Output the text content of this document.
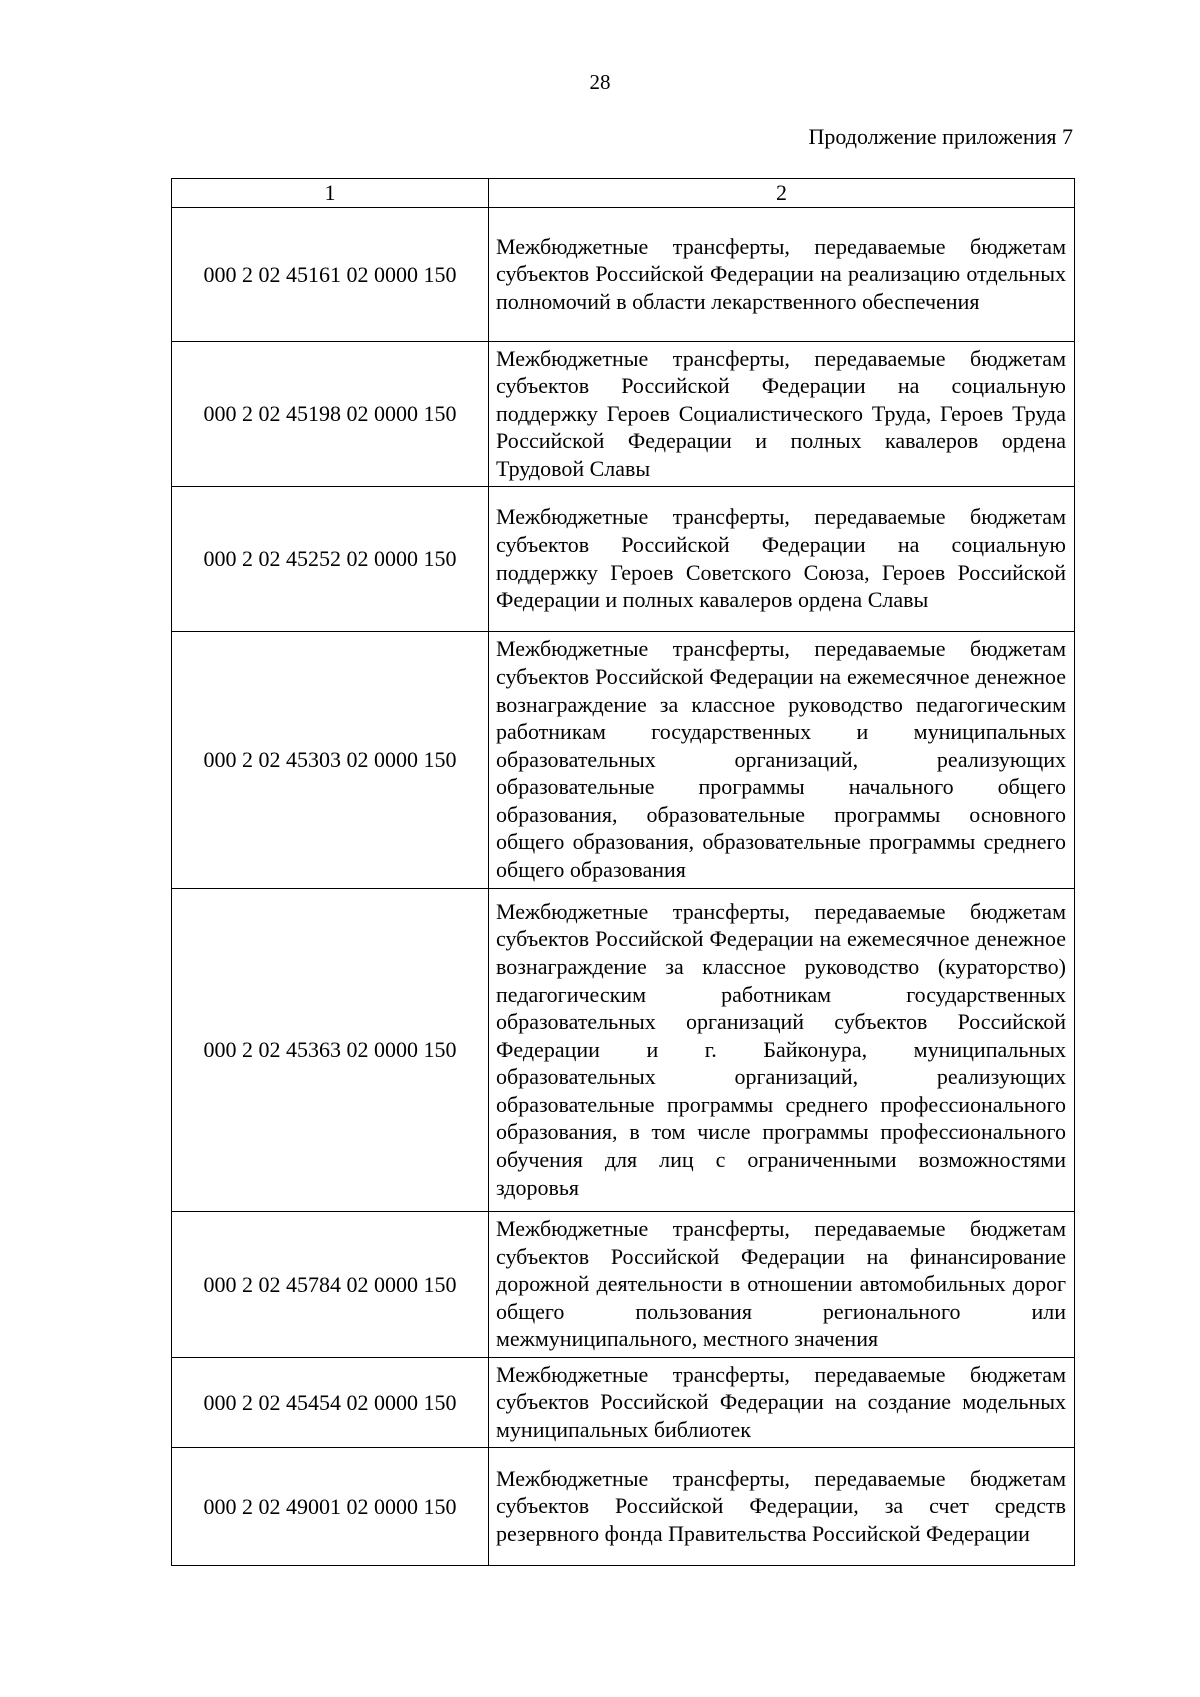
28
Продолжение приложения 7
1	2
000 2 02 45161 02 0000 150	Межбюджетные трансферты, передаваемые бюджетам субъектов Российской Федерации на реализацию отдельных полномочий в области лекарственного обеспечения
000 2 02 45198 02 0000 150	Межбюджетные трансферты, передаваемые бюджетам субъектов Российской Федерации на социальную поддержку Героев Социалистического Труда, Героев Труда Российской Федерации и полных кавалеров ордена Трудовой Славы
000 2 02 45252 02 0000 150	Межбюджетные трансферты, передаваемые бюджетам субъектов Российской Федерации на социальную поддержку Героев Советского Союза, Героев Российской Федерации и полных кавалеров ордена Славы
000 2 02 45303 02 0000 150	Межбюджетные трансферты, передаваемые бюджетам субъектов Российской Федерации на ежемесячное денежное вознаграждение за классное руководство педагогическим работникам государственных и муниципальных образовательных организаций, реализующих образовательные программы начального общего образования, образовательные программы основного общего образования, образовательные программы среднего общего образования
000 2 02 45363 02 0000 150	Межбюджетные трансферты, передаваемые бюджетам субъектов Российской Федерации на ежемесячное денежное вознаграждение за классное руководство (кураторство) педагогическим работникам государственных образовательных организаций субъектов Российской Федерации и г. Байконура, муниципальных образовательных организаций, реализующих образовательные программы среднего профессионального образования, в том числе программы профессионального обучения для лиц с ограниченными возможностями здоровья
000 2 02 45784 02 0000 150	Межбюджетные трансферты, передаваемые бюджетам субъектов Российской Федерации на финансирование дорожной деятельности в отношении автомобильных дорог общего пользования регионального или межмуниципального, местного значения
000 2 02 45454 02 0000 150	Межбюджетные трансферты, передаваемые бюджетам субъектов Российской Федерации на создание модельных муниципальных библиотек
000 2 02 49001 02 0000 150	Межбюджетные трансферты, передаваемые бюджетам субъектов Российской Федерации, за счет средств резервного фонда Правительства Российской Федерации
